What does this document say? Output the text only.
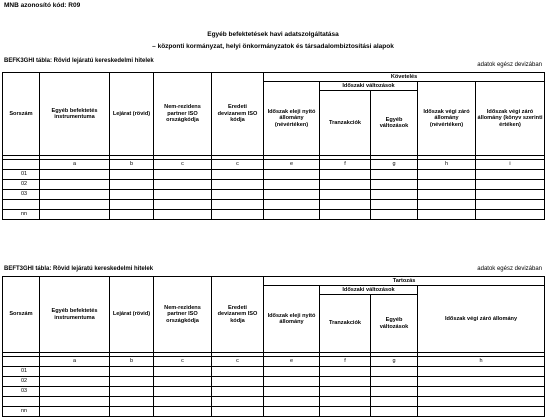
MNB azonosító kód: R09
Egyéb befektetések havi adatszolgáltatása
– központi kormányzat, helyi önkormányzatok és társadalombiztosítási alapok
BEFK3GHI tábla: Rövid lejáratú kereskedelmi hitelek
adatok egész devizában
Sorszám	Egyéb befektetés instrumentuma	Lejárat (rövid)	Nem-rezidens partner ISO országkódja	Eredeti devizanem ISO kódja	Követelés				
					Időszak eleji nyitó állomány (névértéken)	Időszaki változások		Időszak végi záró állomány (névértéken)	Időszak végi záró állomány (könyv szerinti értéken)
						Tranzakciók	Egyéb változások		

	a	b	c	c	e	f	g	h	i
01									
02									
03									

nn									
BEFT3GHI tábla: Rövid lejáratú kereskedelmi hitelek	adatok egész devizában
Sorszám	Egyéb befektetés instrumentuma	Lejárat (rövid)	Nem-rezidens partner ISO országkódja	Eredeti devizanem ISO kódja	Tartozás			
					Időszak eleji nyitó állomány	Időszaki változások		Időszak végi záró állomány
						Tranzakciók	Egyéb változások	

	a	b	c	c	e	f	g	h
01								
02								
03								

nn								
